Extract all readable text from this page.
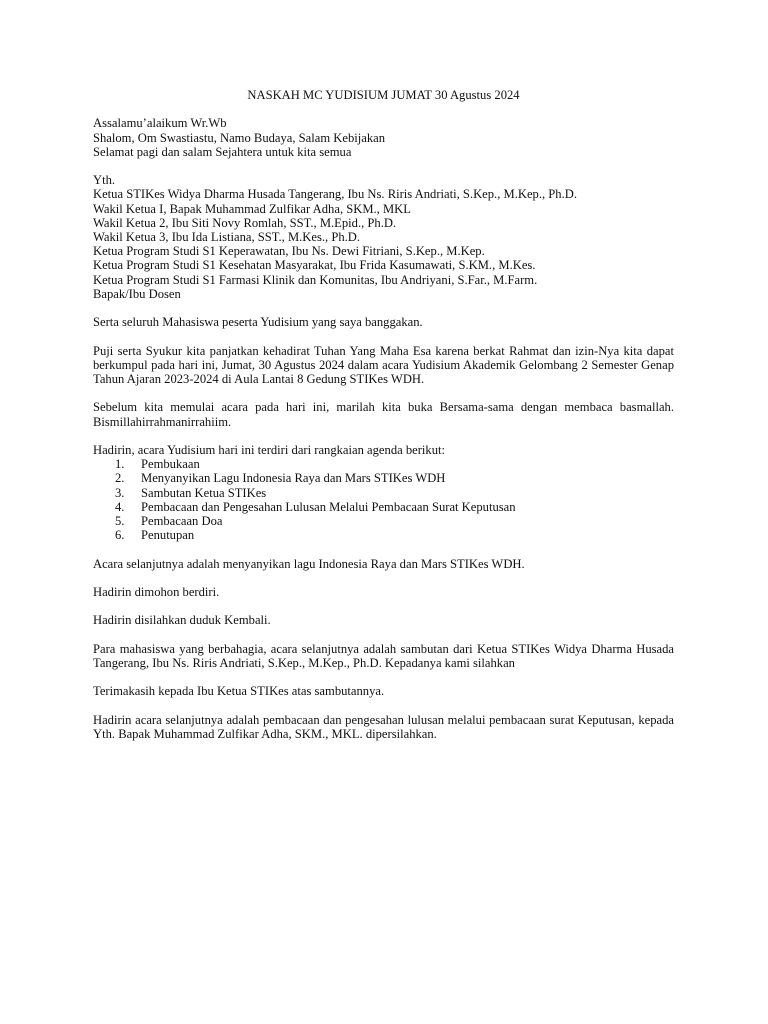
NASKAH MC YUDISIUM JUMAT 30 Agustus 2024

Assalamu’alaikum Wr.Wb
Shalom, Om Swastiastu, Namo Budaya, Salam Kebijakan
Selamat pagi dan salam Sejahtera untuk kita semua
Yth.
Ketua STIKes Widya Dharma Husada Tangerang, Ibu Ns. Riris Andriati, S.Kep., M.Kep., Ph.D.
Wakil Ketua I, Bapak Muhammad Zulfikar Adha, SKM., MKL
Wakil Ketua 2, Ibu Siti Novy Romlah, SST., M.Epid., Ph.D.
Wakil Ketua 3, Ibu Ida Listiana, SST., M.Kes., Ph.D.
Ketua Program Studi S1 Keperawatan, Ibu Ns. Dewi Fitriani, S.Kep., M.Kep.
Ketua Program Studi S1 Kesehatan Masyarakat, Ibu Frida Kasumawati, S.KM., M.Kes.
Ketua Program Studi S1 Farmasi Klinik dan Komunitas, Ibu Andriyani, S.Far., M.Farm.
Bapak/Ibu Dosen

Serta seluruh Mahasiswa peserta Yudisium yang saya banggakan.

Puji serta Syukur kita panjatkan kehadirat Tuhan Yang Maha Esa karena berkat Rahmat dan izin-Nya kita dapat berkumpul pada hari ini, Jumat, 30 Agustus 2024 dalam acara Yudisium Akademik Gelombang 2 Semester Genap Tahun Ajaran 2023-2024 di Aula Lantai 8 Gedung STIKes WDH.

Sebelum kita memulai acara pada hari ini, marilah kita buka Bersama-sama dengan membaca basmallah. Bismillahirrahmanirrahiim.

Hadirin, acara Yudisium hari ini terdiri dari rangkaian agenda berikut:

1.	Pembukaan
2.	Menyanyikan Lagu Indonesia Raya dan Mars STIKes WDH
3.	Sambutan Ketua STIKes
4.	Pembacaan dan Pengesahan Lulusan Melalui Pembacaan Surat Keputusan
5.	Pembacaan Doa
6.	Penutupan

Acara selanjutnya adalah menyanyikan lagu Indonesia Raya dan Mars STIKes WDH.

Hadirin dimohon berdiri.

Hadirin disilahkan duduk Kembali.

Para mahasiswa yang berbahagia, acara selanjutnya adalah sambutan dari Ketua STIKes Widya Dharma Husada Tangerang, Ibu Ns. Riris Andriati, S.Kep., M.Kep., Ph.D. Kepadanya kami silahkan

Terimakasih kepada Ibu Ketua STIKes atas sambutannya.

Hadirin acara selanjutnya adalah pembacaan dan pengesahan lulusan melalui pembacaan surat Keputusan, kepada Yth. Bapak Muhammad Zulfikar Adha, SKM., MKL. dipersilahkan.
